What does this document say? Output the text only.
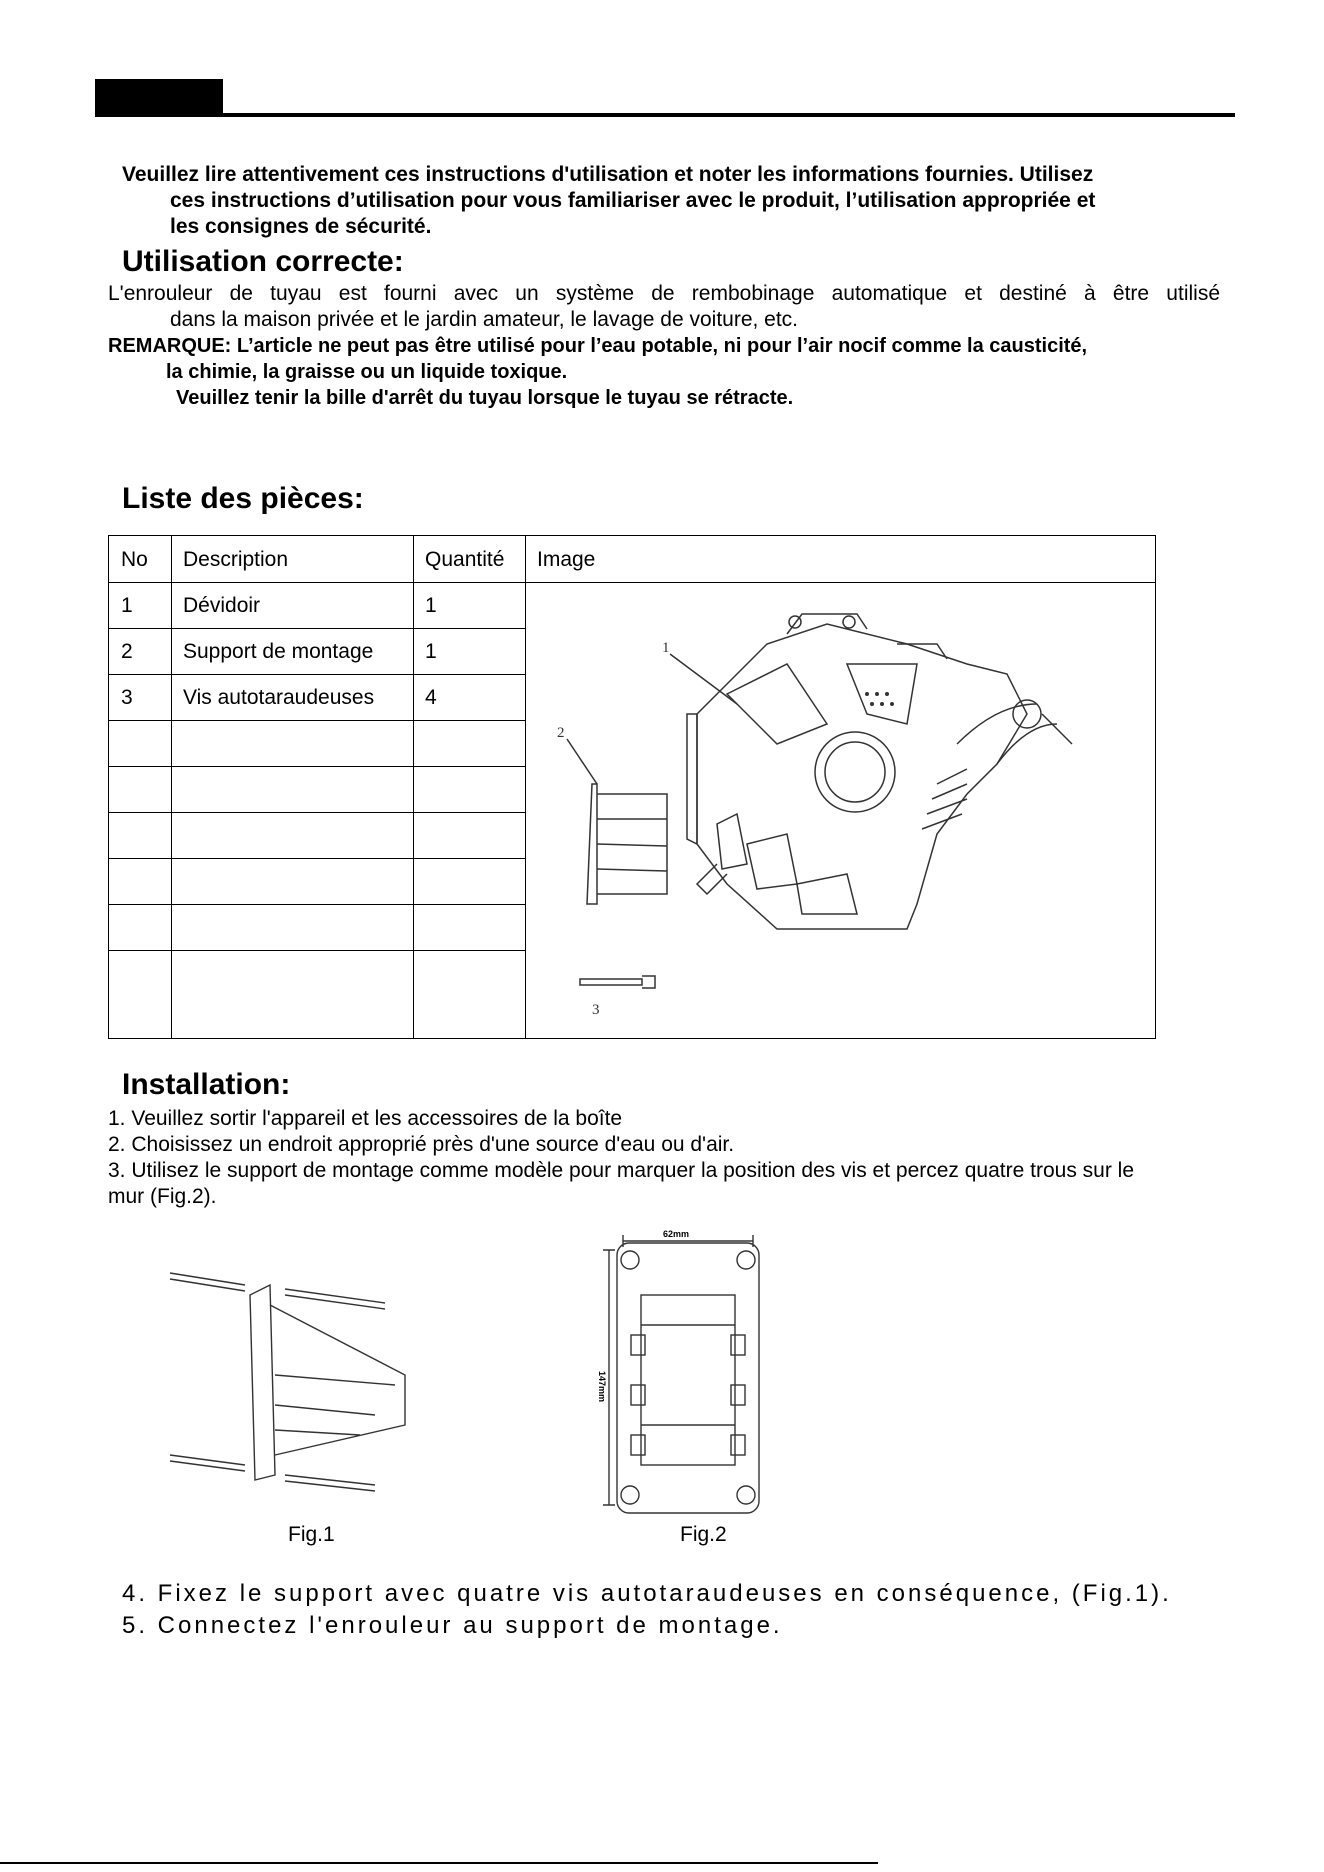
Veuillez lire attentivement ces instructions d'utilisation et noter les informations fournies. Utilisez
ces instructions d’utilisation pour vous familiariser avec le produit, l’utilisation appropriée et
les consignes de sécurité.
Utilisation correcte:
L'enrouleur de tuyau est fourni avec un système de rembobinage automatique et destiné à être utilisé
dans la maison privée et le jardin amateur, le lavage de voiture, etc.
REMARQUE: L’article ne peut pas être utilisé pour l’eau potable, ni pour l’air nocif comme la causticité,
la chimie, la graisse ou un liquide toxique.
Veuillez tenir la bille d'arrêt du tuyau lorsque le tuyau se rétracte.
Liste des pièces:
No Description	Quantité Image
1 Dévidoir	1
2 Support de montage 1
3 Vis autotaraudeuses 4
1
2
3
Installation:
1. Veuillez sortir l'appareil et les accessoires de la boîte
2. Choisissez un endroit approprié près d'une source d'eau ou d'air.
3. Utilisez le support de montage comme modèle pour marquer la position des vis et percez quatre trous sur le
mur (Fig.2).
Fig.1
62mm
147mm
Fig.2
4. Fixez le support avec quatre vis autotaraudeuses en conséquence, (Fig.1).
5. Connectez l'enrouleur au support de montage.
